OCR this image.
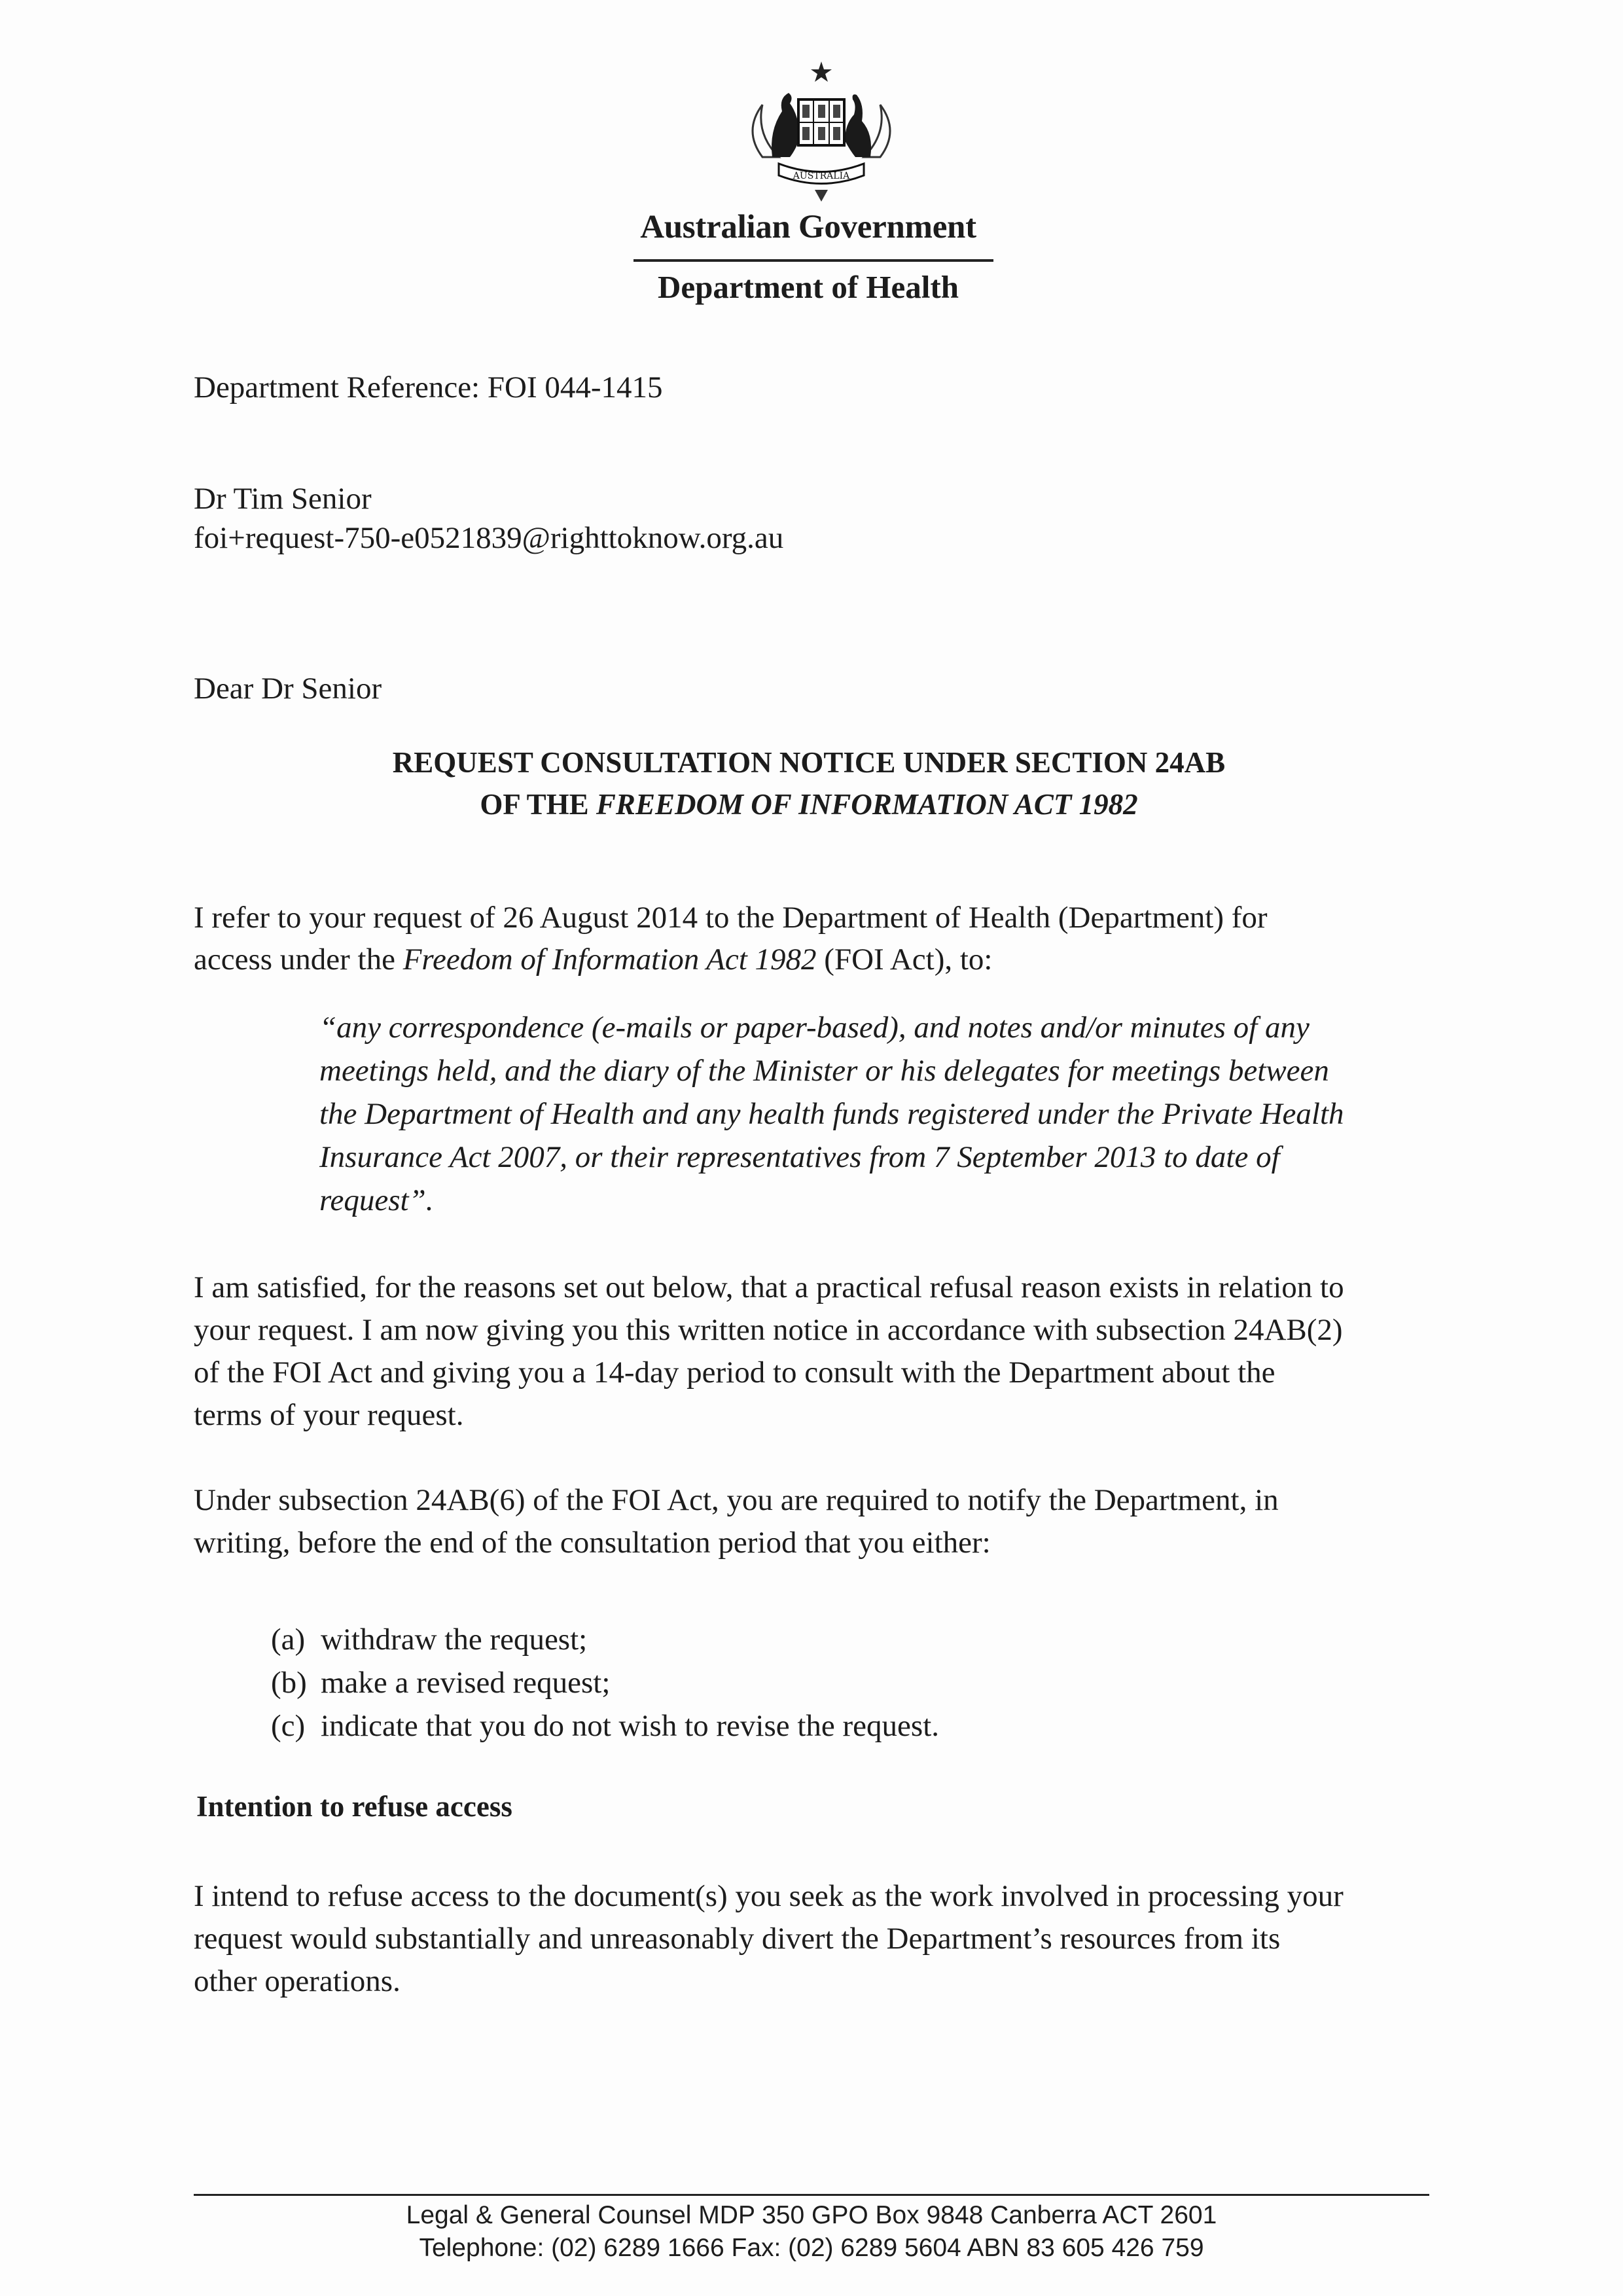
AUSTRALIA
Australian Government
Department of Health
Department Reference: FOI 044-1415
Dr Tim Senior
foi+request-750-e0521839@righttoknow.org.au
Dear Dr Senior
REQUEST CONSULTATION NOTICE UNDER SECTION 24AB
OF THE FREEDOM OF INFORMATION ACT 1982
I refer to your request of 26 August 2014 to the Department of Health (Department) for
access under the Freedom of Information Act 1982 (FOI Act), to:
“any correspondence (e-mails or paper-based), and notes and/or minutes of any
meetings held, and the diary of the Minister or his delegates for meetings between
the Department of Health and any health funds registered under the Private Health
Insurance Act 2007, or their representatives from 7 September 2013 to date of
request”.
I am satisfied, for the reasons set out below, that a practical refusal reason exists in relation to
your request. I am now giving you this written notice in accordance with subsection 24AB(2)
of the FOI Act and giving you a 14-day period to consult with the Department about the
terms of your request.
Under subsection 24AB(6) of the FOI Act, you are required to notify the Department, in
writing, before the end of the consultation period that you either:
(a) withdraw the request;
(b) make a revised request;
(c) indicate that you do not wish to revise the request.
Intention to refuse access
I intend to refuse access to the document(s) you seek as the work involved in processing your
request would substantially and unreasonably divert the Department’s resources from its
other operations.
Legal & General Counsel MDP 350 GPO Box 9848 Canberra ACT 2601
Telephone: (02) 6289 1666 Fax: (02) 6289 5604 ABN 83 605 426 759
